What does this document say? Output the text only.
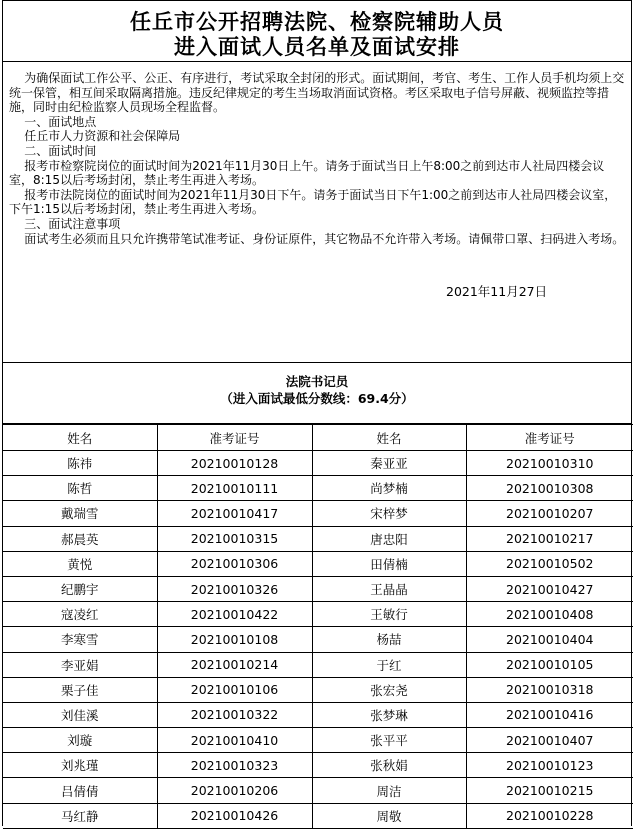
任丘市公开招聘法院、检察院辅助人员
进入面试人员名单及面试安排

为确保面试工作公平、公正、有序进行，考试采取全封闭的形式。面试期间，考官、考生、工作人员手机均须上交统一保管，相互间采取隔离措施。违反纪律规定的考生当场取消面试资格。考区采取电子信号屏蔽、视频监控等措施，同时由纪检监察人员现场全程监督。

一、面试地点

任丘市人力资源和社会保障局

二、面试时间

报考市检察院岗位的面试时间为2021年11月30日上午。请务于面试当日上午8:00之前到达市人社局四楼会议室，8:15以后考场封闭，禁止考生再进入考场。

报考市法院岗位的面试时间为2021年11月30日下午。请务于面试当日下午1:00之前到达市人社局四楼会议室，下午1:15以后考场封闭，禁止考生再进入考场。

三、面试注意事项

面试考生必须而且只允许携带笔试准考证、身份证原件，其它物品不允许带入考场。请佩带口罩、扫码进入考场。

2021年11月27日
法院书记员
（进入面试最低分数线：69.4分）
姓名	准考证号	姓名	准考证号
陈祎	20210010128	秦亚亚	20210010310
陈哲	20210010111	尚梦楠	20210010308
戴瑞雪	20210010417	宋梓梦	20210010207
郝晨英	20210010315	唐忠阳	20210010217
黄悦	20210010306	田倩楠	20210010502
纪鹏宇	20210010326	王晶晶	20210010427
寇凌红	20210010422	王敏行	20210010408
李寒雪	20210010108	杨喆	20210010404
李亚娟	20210010214	于红	20210010105
栗子佳	20210010106	张宏尧	20210010318
刘佳溪	20210010322	张梦琳	20210010416
刘璇	20210010410	张平平	20210010407
刘兆瑾	20210010323	张秋娟	20210010123
吕倩倩	20210010206	周洁	20210010215
马红静	20210010426	周敬	20210010228
